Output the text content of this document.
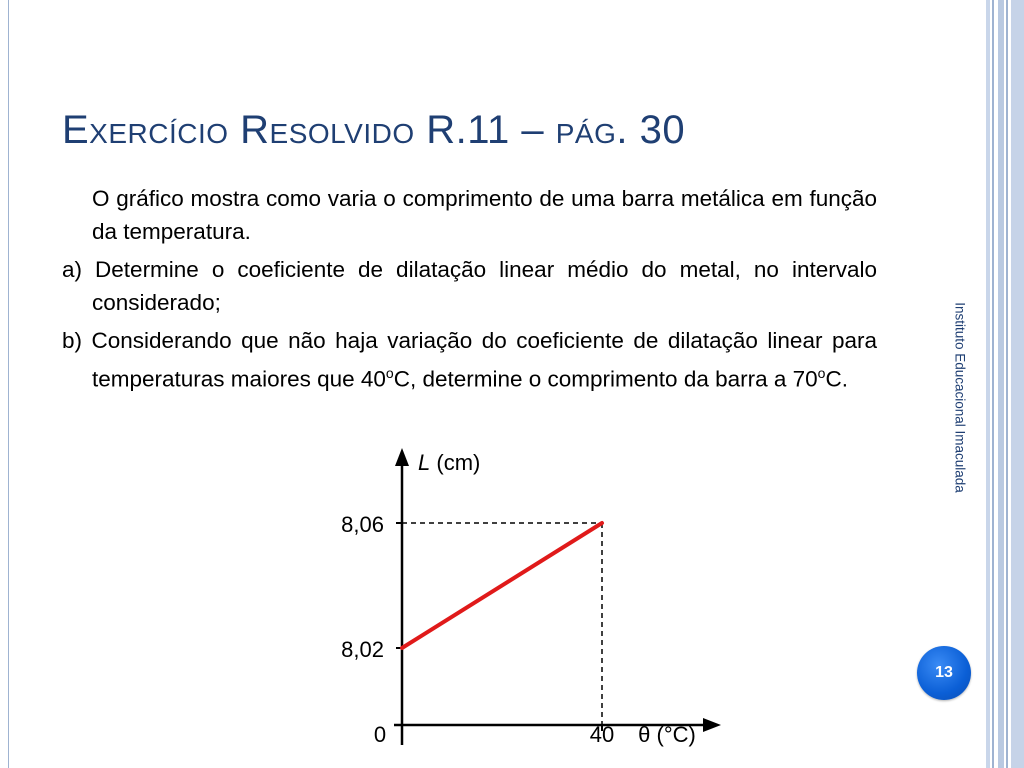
Exercício Resolvido R.11 – pág. 30

O gráfico mostra como varia o comprimento de uma barra metálica em função da temperatura.

a) Determine o coeficiente de dilatação linear médio do metal, no intervalo considerado;

b) Considerando que não haja variação do coeficiente de dilatação linear para temperaturas maiores que 40$^o$C, determine o comprimento da barra a 70$^o$C.	Instituto Educacional Imaculada
13
8,06
8,02
0	40
L (cm)
θ (°C)
